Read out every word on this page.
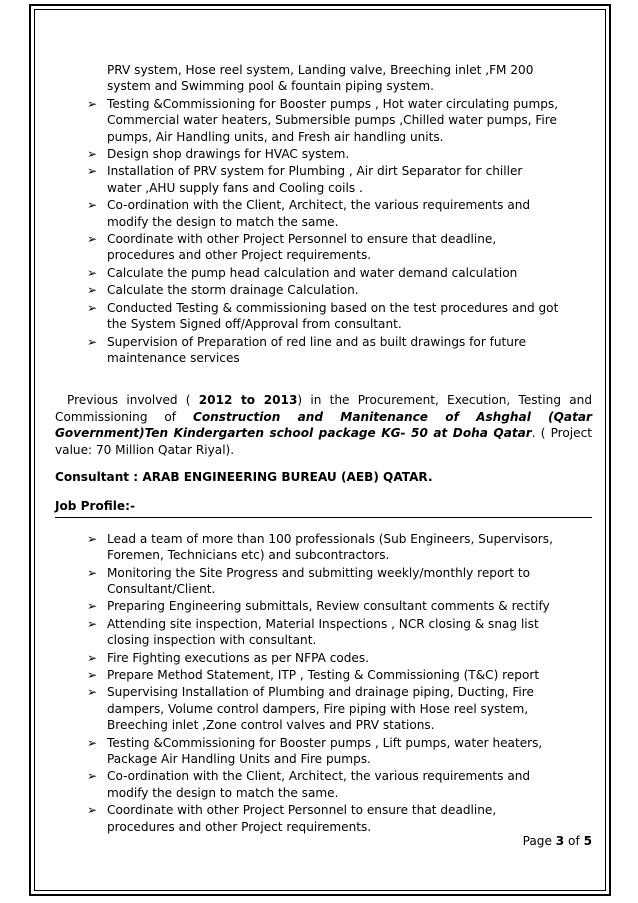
PRV system, Hose reel system, Landing valve, Breeching inlet ,FM 200
system and Swimming pool & fountain piping system.
➢ Testing &Commissioning for Booster pumps , Hot water circulating pumps,
Commercial water heaters, Submersible pumps ,Chilled water pumps, Fire
pumps, Air Handling units, and Fresh air handling units.
➢ Design shop drawings for HVAC system.
➢ Installation of PRV system for Plumbing , Air dirt Separator for chiller
water ,AHU supply fans and Cooling coils .
➢ Co-ordination with the Client, Architect, the various requirements and
modify the design to match the same.
➢ Coordinate with other Project Personnel to ensure that deadline,
procedures and other Project requirements.
➢ Calculate the pump head calculation and water demand calculation
➢ Calculate the storm drainage Calculation.
➢ Conducted Testing & commissioning based on the test procedures and got
the System Signed off/Approval from consultant.
➢ Supervision of Preparation of red line and as built drawings for future
maintenance services
Previous involved ( 2012 to 2013) in the Procurement, Execution, Testing and Commissioning of Construction and Manitenance of Ashghal (Qatar Government)Ten Kindergarten school package KG- 50 at Doha Qatar. ( Project value: 70 Million Qatar Riyal).
Consultant : ARAB ENGINEERING BUREAU (AEB) QATAR.
Job Profile:-
➢ Lead a team of more than 100 professionals (Sub Engineers, Supervisors,
Foremen, Technicians etc) and subcontractors.
➢ Monitoring the Site Progress and submitting weekly/monthly report to
Consultant/Client.
➢ Preparing Engineering submittals, Review consultant comments & rectify
➢ Attending site inspection, Material Inspections , NCR closing & snag list
closing inspection with consultant.
➢ Fire Fighting executions as per NFPA codes.
➢ Prepare Method Statement, ITP , Testing & Commissioning (T&C) report
➢ Supervising Installation of Plumbing and drainage piping, Ducting, Fire
dampers, Volume control dampers, Fire piping with Hose reel system,
Breeching inlet ,Zone control valves and PRV stations.
➢ Testing &Commissioning for Booster pumps , Lift pumps, water heaters,
Package Air Handling Units and Fire pumps.
➢ Co-ordination with the Client, Architect, the various requirements and
modify the design to match the same.
➢ Coordinate with other Project Personnel to ensure that deadline,
procedures and other Project requirements.
Page 3 of 5
